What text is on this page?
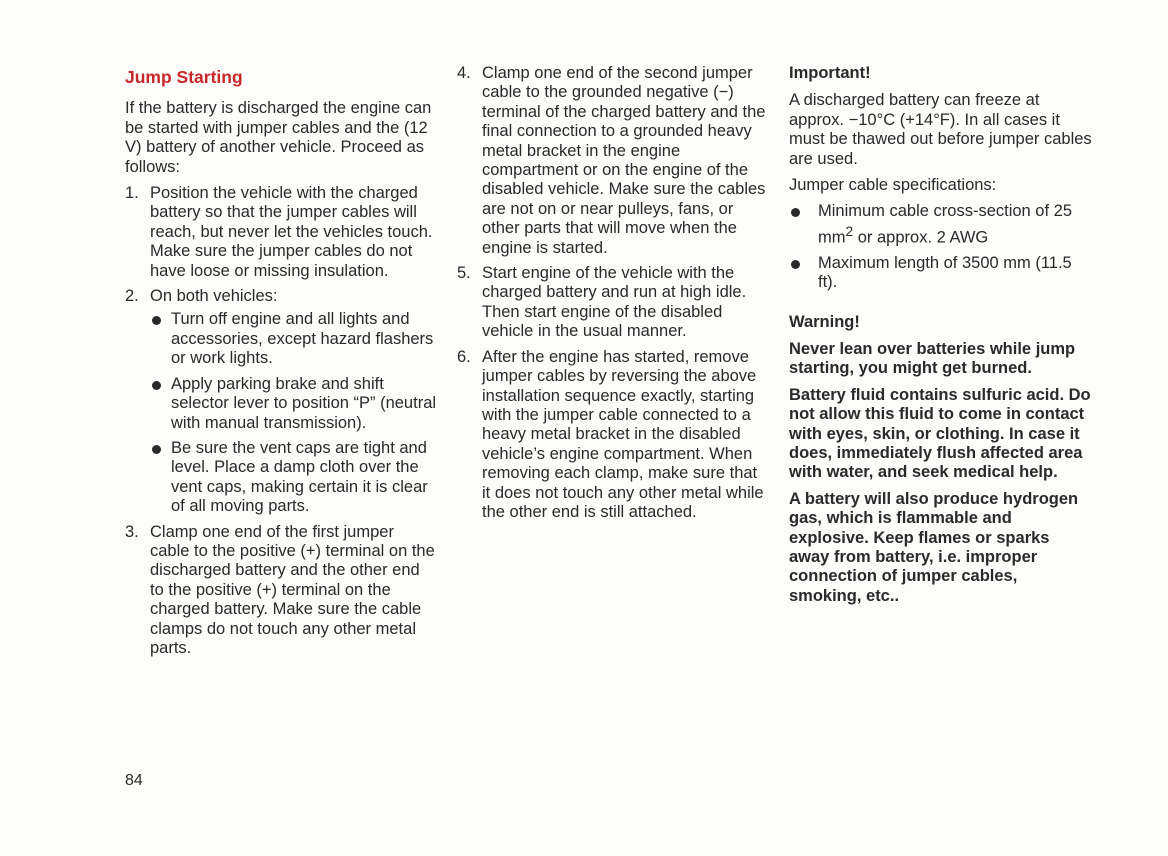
Jump Starting

If the battery is discharged the engine can be started with jumper cables and the (12 V) battery of another vehicle. Proceed as follows:

1. Position the vehicle with the charged battery so that the jumper cables will reach, but never let the vehicles touch. Make sure the jumper cables do not have loose or missing insulation.
2. On both vehicles:
Turn off engine and all lights and accessories, except hazard flashers or work lights.
Apply parking brake and shift selector lever to position “P” (neutral with manual transmission).
Be sure the vent caps are tight and level. Place a damp cloth over the vent caps, making certain it is clear of all moving parts.
3. Clamp one end of the first jumper cable to the positive (+) terminal on the discharged battery and the other end to the positive (+) terminal on the charged battery. Make sure the cable clamps do not touch any other metal parts.
4. Clamp one end of the second jumper cable to the grounded negative (−) terminal of the charged battery and the final connection to a grounded heavy metal bracket in the engine compartment or on the engine of the disabled vehicle. Make sure the cables are not on or near pulleys, fans, or other parts that will move when the engine is started.
5. Start engine of the vehicle with the charged battery and run at high idle. Then start engine of the disabled vehicle in the usual manner.
6. After the engine has started, remove jumper cables by reversing the above installation sequence exactly, starting with the jumper cable connected to a heavy metal bracket in the disabled vehicle’s engine compartment. When removing each clamp, make sure that it does not touch any other metal while the other end is still attached.
Important!

A discharged battery can freeze at approx. −10°C (+14°F). In all cases it must be thawed out before jumper cables are used.

Jumper cable specifications:

Minimum cable cross-section of 25 $mm^2$ or approx. 2 AWG
Maximum length of 3500 mm (11.5 ft).
Warning!

Never lean over batteries while jump starting, you might get burned.

Battery fluid contains sulfuric acid. Do not allow this fluid to come in contact with eyes, skin, or clothing. In case it does, immediately flush affected area with water, and seek medical help.

A battery will also produce hydrogen gas, which is flammable and explosive. Keep flames or sparks away from battery, i.e. improper connection of jumper cables, smoking, etc..

84
